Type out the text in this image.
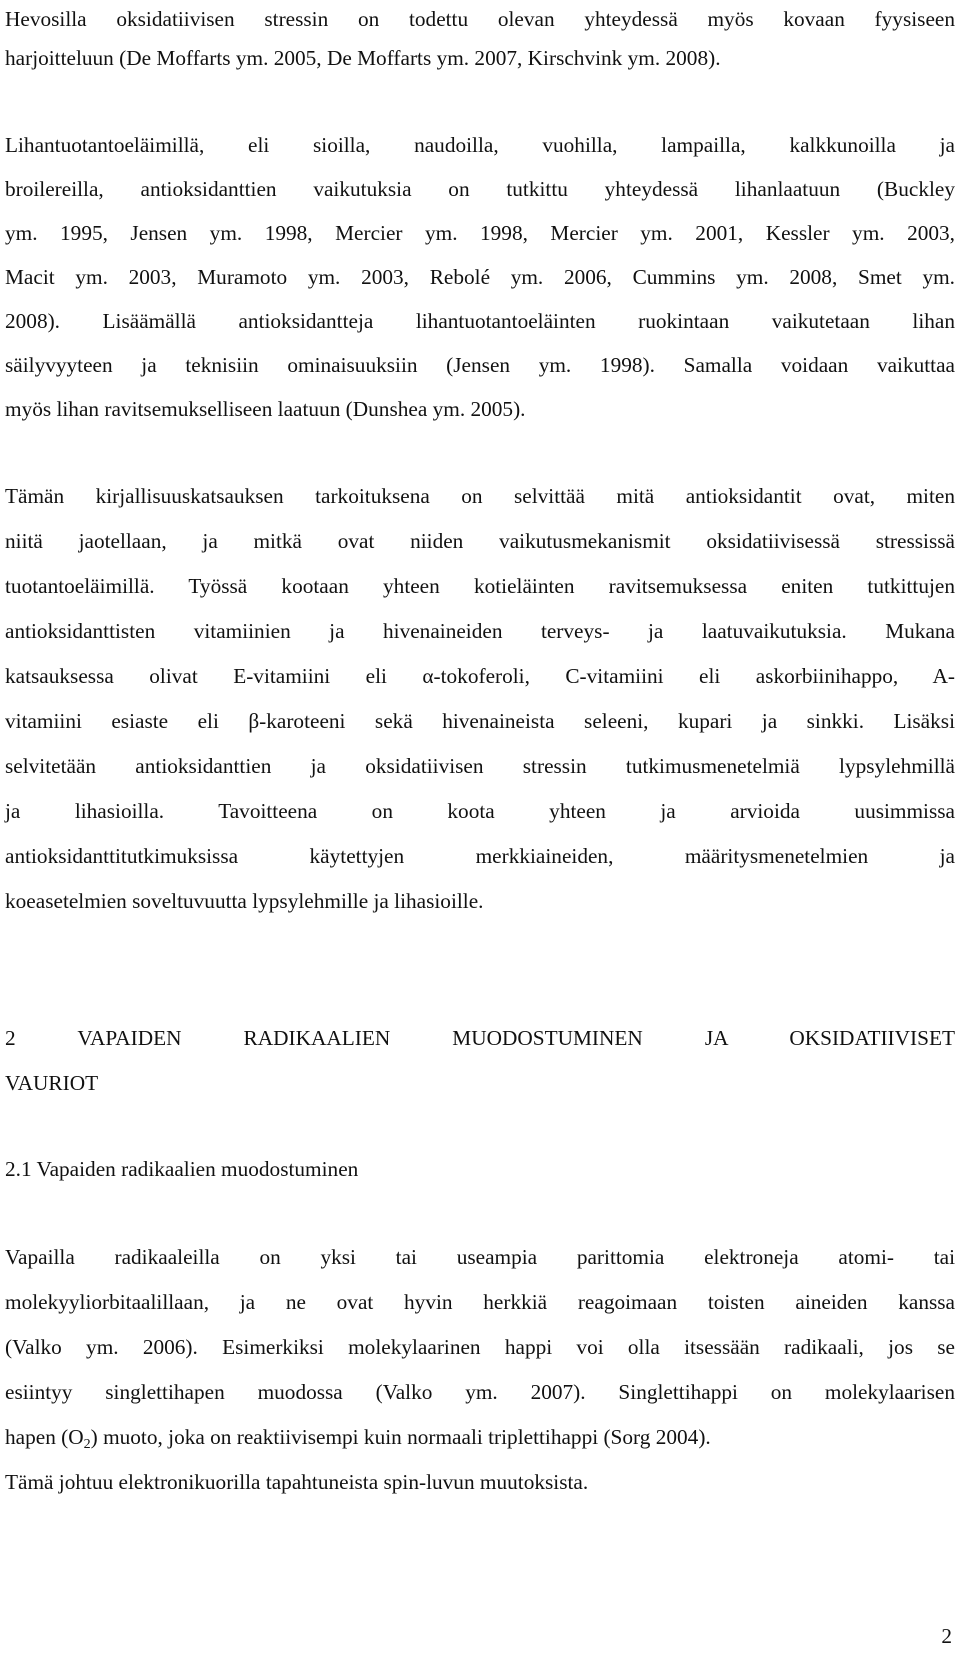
Hevosilla oksidatiivisen stressin on todettu olevan yhteydessä myös kovaan fyysiseen
harjoitteluun (De Moffarts ym. 2005, De Moffarts ym. 2007, Kirschvink ym. 2008).
Lihantuotantoeläimillä, eli sioilla, naudoilla, vuohilla, lampailla, kalkkunoilla ja
broilereilla, antioksidanttien vaikutuksia on tutkittu yhteydessä lihanlaatuun (Buckley
ym. 1995, Jensen ym. 1998, Mercier ym. 1998, Mercier ym. 2001, Kessler ym. 2003,
Macit ym. 2003, Muramoto ym. 2003, Rebolé ym. 2006, Cummins ym. 2008, Smet ym.
2008). Lisäämällä antioksidantteja lihantuotantoeläinten ruokintaan vaikutetaan lihan
säilyvyyteen ja teknisiin ominaisuuksiin (Jensen ym. 1998). Samalla voidaan vaikuttaa
myös lihan ravitsemukselliseen laatuun (Dunshea ym. 2005).
Tämän kirjallisuuskatsauksen tarkoituksena on selvittää mitä antioksidantit ovat, miten
niitä jaotellaan, ja mitkä ovat niiden vaikutusmekanismit oksidatiivisessä stressissä
tuotantoeläimillä. Työssä kootaan yhteen kotieläinten ravitsemuksessa eniten tutkittujen
antioksidanttisten vitamiinien ja hivenaineiden terveys- ja laatuvaikutuksia. Mukana
katsauksessa olivat E-vitamiini eli α-tokoferoli, C-vitamiini eli askorbiinihappo, A-
vitamiini esiaste eli β-karoteeni sekä hivenaineista seleeni, kupari ja sinkki. Lisäksi
selvitetään antioksidanttien ja oksidatiivisen stressin tutkimusmenetelmiä lypsylehmillä
ja lihasioilla. Tavoitteena on koota yhteen ja arvioida uusimmissa
antioksidanttitutkimuksissa käytettyjen merkkiaineiden, määritysmenetelmien ja
koeasetelmien soveltuvuutta lypsylehmille ja lihasioille.
2 VAPAIDEN RADIKAALIEN MUODOSTUMINEN JA OKSIDATIIVISET
VAURIOT
2.1 Vapaiden radikaalien muodostuminen
Vapailla radikaaleilla on yksi tai useampia parittomia elektroneja atomi- tai
molekyyliorbitaalillaan, ja ne ovat hyvin herkkiä reagoimaan toisten aineiden kanssa
(Valko ym. 2006). Esimerkiksi molekylaarinen happi voi olla itsessään radikaali, jos se
esiintyy singlettihapen muodossa (Valko ym. 2007). Singlettihappi on molekylaarisen
hapen $(O_2)$ muoto, joka on reaktiivisempi kuin normaali triplettihappi (Sorg 2004).
Tämä johtuu elektronikuorilla tapahtuneista spin-luvun muutoksista.
2
